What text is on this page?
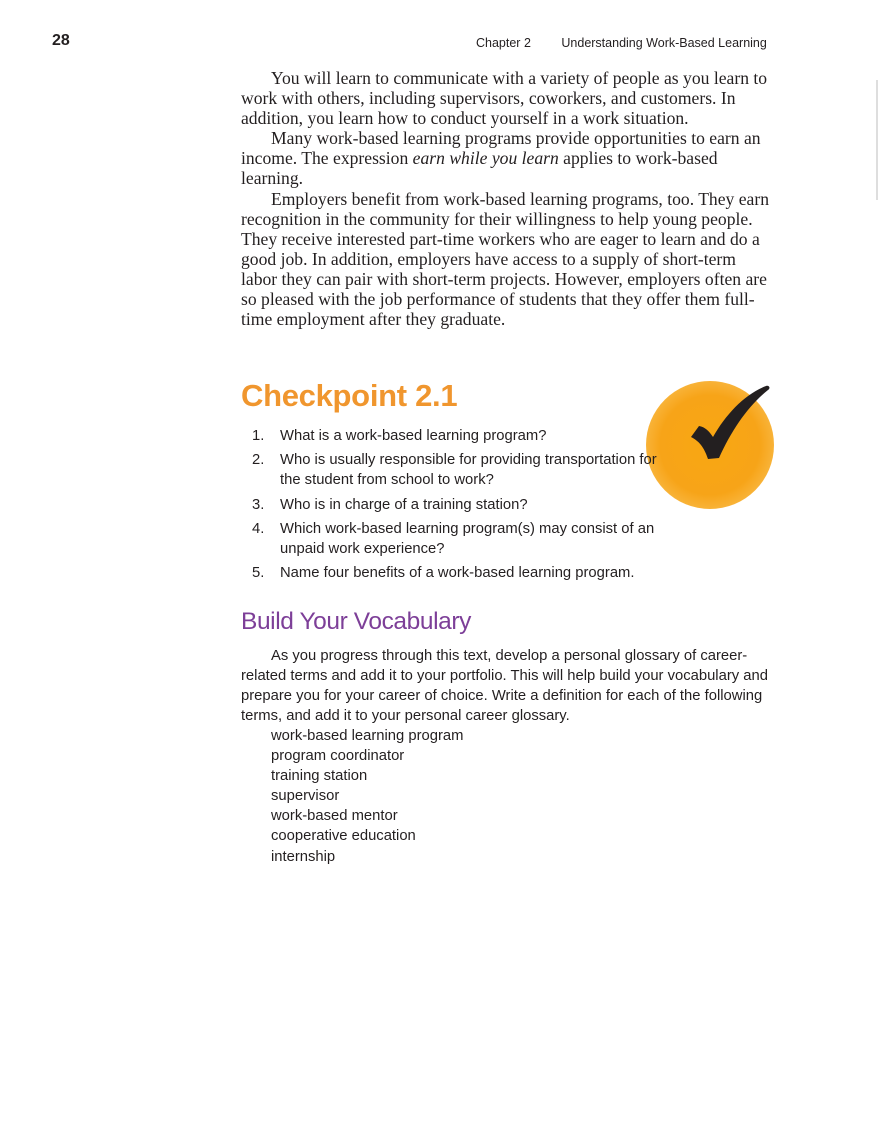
28	Chapter 2 Understanding Work-Based Learning

You will learn to communicate with a variety of people as you learn to work with others, including supervisors, coworkers, and customers. In addition, you learn how to conduct yourself in a work situation.

Many work-based learning programs provide opportunities to earn an income. The expression earn while you learn applies to work-based learning.

Employers benefit from work-based learning programs, too. They earn recognition in the community for their willingness to help young people. They receive interested part-time workers who are eager to learn and do a good job. In addition, employers have access to a supply of short-term labor they can pair with short-term projects. However, employers often are so pleased with the job performance of students that they offer them full-time employment after they graduate.

Checkpoint 2.1
1. What is a work-based learning program?
2. Who is usually responsible for providing transportation for the student from school to work?
3. Who is in charge of a training station?
4. Which work-based learning program(s) may consist of an unpaid work experience?
5. Name four benefits of a work-based learning program.
Build Your Vocabulary

As you progress through this text, develop a personal glossary of career-related terms and add it to your portfolio. This will help build your vocabulary and prepare you for your career of choice. Write a definition for each of the following terms, and add it to your personal career glossary.

work-based learning program
program coordinator
training station
supervisor
work-based mentor
cooperative education
internship
